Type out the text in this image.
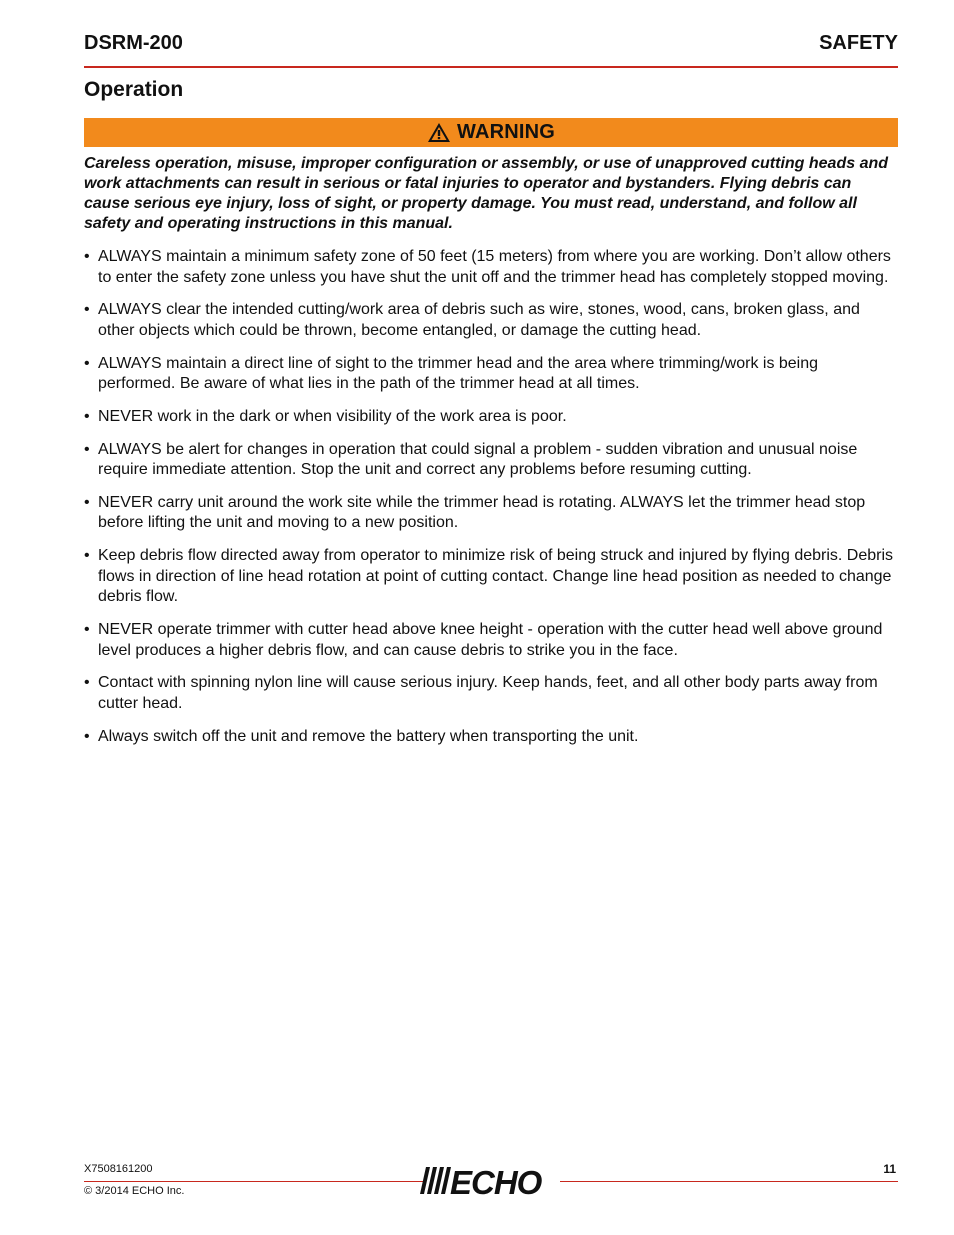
DSRM-200	SAFETY
Operation
WARNING

Careless operation, misuse, improper configuration or assembly, or use of unapproved cutting heads and work attachments can result in serious or fatal injuries to operator and bystanders. Flying debris can cause serious eye injury, loss of sight, or property damage. You must read, understand, and follow all safety and operating instructions in this manual.

• ALWAYS maintain a minimum safety zone of 50 feet (15 meters) from where you are working. Don’t allow others to enter the safety zone unless you have shut the unit off and the trimmer head has completely stopped moving.
• ALWAYS clear the intended cutting/work area of debris such as wire, stones, wood, cans, broken glass, and other objects which could be thrown, become entangled, or damage the cutting head.
• ALWAYS maintain a direct line of sight to the trimmer head and the area where trimming/work is being performed. Be aware of what lies in the path of the trimmer head at all times.
• NEVER work in the dark or when visibility of the work area is poor.
• ALWAYS be alert for changes in operation that could signal a problem - sudden vibration and unusual noise require immediate attention. Stop the unit and correct any problems before resuming cutting.
• NEVER carry unit around the work site while the trimmer head is rotating. ALWAYS let the trimmer head stop before lifting the unit and moving to a new position.
• Keep debris flow directed away from operator to minimize risk of being struck and injured by flying debris. Debris flows in direction of line head rotation at point of cutting contact. Change line head position as needed to change debris flow.
• NEVER operate trimmer with cutter head above knee height - operation with the cutter head well above ground level produces a higher debris flow, and can cause debris to strike you in the face.
• Contact with spinning nylon line will cause serious injury. Keep hands, feet, and all other body parts away from cutter head.
• Always switch off the unit and remove the battery when transporting the unit.
X7508161200
© 3/2014 ECHO Inc.
11
ECHO
